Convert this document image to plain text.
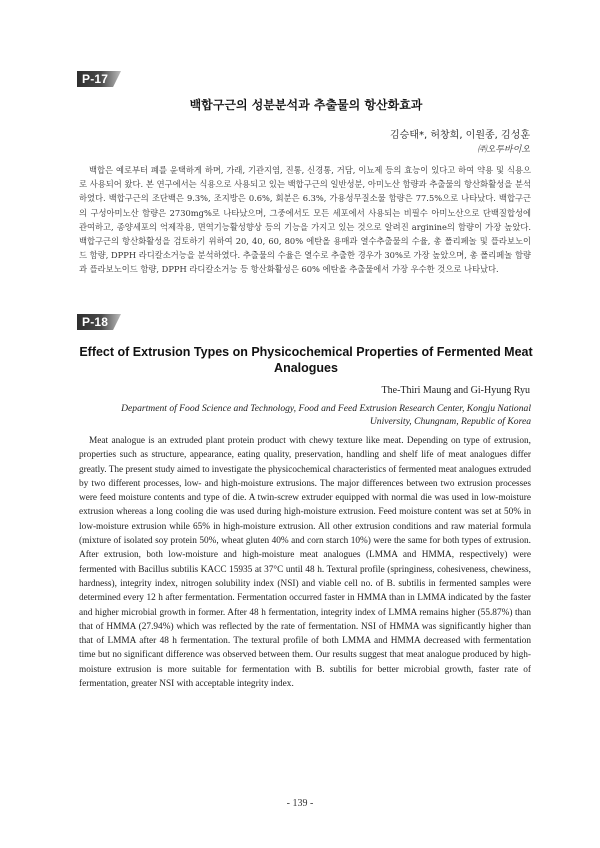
P-17
백합구근의 성분분석과 추출물의 항산화효과
김승태*, 허창희, 이원종, 김성훈
㈜오투바이오

백합은 예로부터 폐를 윤택하게 하며, 가래, 기관지염, 진통, 신경통, 거담, 이뇨제 등의 효능이 있다고 하여 약용 및 식용으로 사용되어 왔다. 본 연구에서는 식용으로 사용되고 있는 백합구근의 일반성분, 아미노산 함량과 추출물의 항산화활성을 분석하였다. 백합구근의 조단백은 9.3%, 조지방은 0.6%, 회분은 6.3%, 가용성무질소물 함량은 77.5%으로 나타났다. 백합구근의 구성아미노산 함량은 2730mg%로 나타났으며, 그중에서도 모든 세포에서 사용되는 비필수 아미노산으로 단백질합성에 관여하고, 종양세포의 억제작용, 면역기능활성향상 등의 기능을 가지고 있는 것으로 알려진 arginine의 함량이 가장 높았다. 백합구근의 항산화활성을 검토하기 위하여 20, 40, 60, 80% 에탄올 용매과 열수추출물의 수율, 총 폴리페놀 및 플라보노이드 함량, DPPH 라디칼소거능을 분석하였다. 추출물의 수율은 열수로 추출한 경우가 30%로 가장 높았으며, 총 폴리페놀 함량과 플라보노이드 함량, DPPH 라디칼소거능 등 항산화활성은 60% 에탄올 추출물에서 가장 우수한 것으로 나타났다.

P-18
Effect of Extrusion Types on Physicochemical Properties of Fermented Meat Analogues
The-Thiri Maung and Gi-Hyung Ryu
Department of Food Science and Technology, Food and Feed Extrusion Research Center, Kongju National University, Chungnam, Republic of Korea

Meat analogue is an extruded plant protein product with chewy texture like meat. Depending on type of extrusion, properties such as structure, appearance, eating quality, preservation, handling and shelf life of meat analogues differ greatly. The present study aimed to investigate the physicochemical characteristics of fermented meat analogues extruded by two different processes, low- and high-moisture extrusions. The major differences between two extrusion processes were feed moisture contents and type of die. A twin-screw extruder equipped with normal die was used in low-moisture extrusion whereas a long cooling die was used during high-moisture extrusion. Feed moisture content was set at 50% in low-moisture extrusion while 65% in high-moisture extrusion. All other extrusion conditions and raw material formula (mixture of isolated soy protein 50%, wheat gluten 40% and corn starch 10%) were the same for both types of extrusion. After extrusion, both low-moisture and high-moisture meat analogues (LMMA and HMMA, respectively) were fermented with Bacillus subtilis KACC 15935 at 37°C until 48 h. Textural profile (springiness, cohesiveness, chewiness, hardness), integrity index, nitrogen solubility index (NSI) and viable cell no. of B. subtilis in fermented samples were determined every 12 h after fermentation. Fermentation occurred faster in HMMA than in LMMA indicated by the faster and higher microbial growth in former. After 48 h fermentation, integrity index of LMMA remains higher (55.87%) than that of HMMA (27.94%) which was reflected by the rate of fermentation. NSI of HMMA was significantly higher than that of LMMA after 48 h fermentation. The textural profile of both LMMA and HMMA decreased with fermentation time but no significant difference was observed between them. Our results suggest that meat analogue produced by high-moisture extrusion is more suitable for fermentation with B. subtilis for better microbial growth, faster rate of fermentation, greater NSI with acceptable integrity index.

- 139 -
